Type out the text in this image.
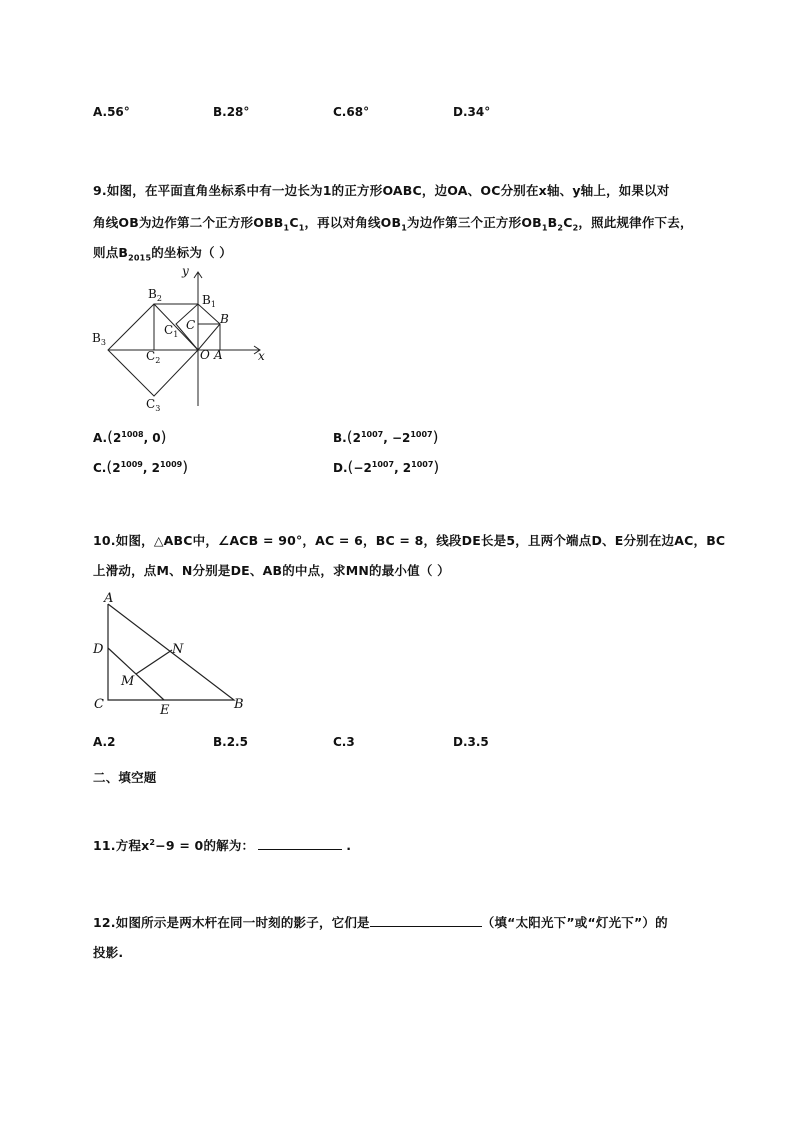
A.56°	B.28°	C.68°	D.34°
9.如图，在平面直角坐标系中有一边长为1的正方形OABC，边OA、OC分别在x轴、y轴上，如果以对
角线OB为边作第二个正方形$OBB_1C_1$，再以对角线$OB_1$为边作第三个正方形$OB_1B_2C_2$，照此规律作下去，
则点$B_{2015}$的坐标为（ ）
y
x
A
O
B
C
$B_2$	$B_1$
$C_1$
$B_3$
$C_2$
$C_3$
$A.(2^{1008}$, 0)	$B.(2^{1007}$, $-2^{1007}$)
$C.(2^{1009}$, $2^{1009}$)	$D.(-2^{1007}$, $2^{1007}$)
10.如图，△ABC中，∠ACB = 90°，AC = 6，BC = 8，线段DE长是5，且两个端点D、E分别在边AC，BC
上滑动，点M、N分别是DE、AB的中点，求MN的最小值（ ）
A
D	N
M
C	E	B
A.2	B.2.5	C.3	D.3.5
二、填空题
11.方程$x^2-9 = 0$的解为：	.
12.如图所示是两木杆在同一时刻的影子，它们是	（填“太阳光下”或“灯光下”）的
投影.
